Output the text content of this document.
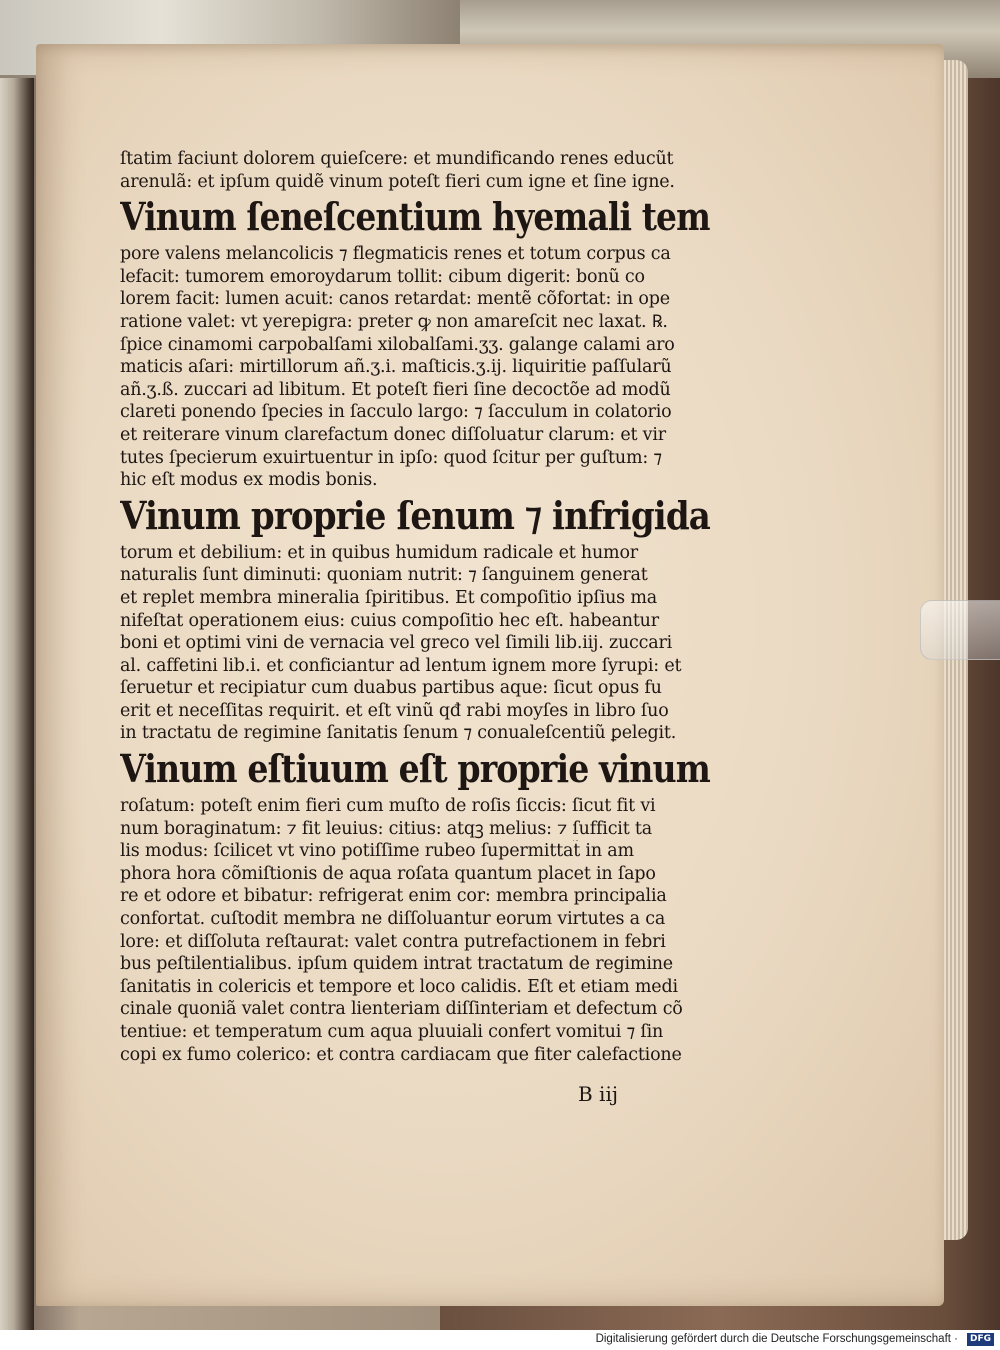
ſtatim faciunt dolorem quieſcere: et mundificando renes educũt
arenulã: et ipſum quidẽ vinum poteſt fieri cum igne et ſine igne.
Vinum ſeneſcentium hyemali tem
pore valens melancolicis ⁊ flegmaticis renes et totum corpus ca
lefacit: tumorem emoroydarum tollit: cibum digerit: bonũ co
lorem facit: lumen acuit: canos retardat: mentẽ cõfortat: in ope
ratione valet: vt yerepigra: preter ꝙ non amareſcit nec laxat. ℞.
ſpice cinamomi carpobalſami xilobalſami.ʒʒ. galange calami aro
maticis aſari: mirtillorum añ.ʒ.i. maſticis.ʒ.ij. liquiritie paſſularũ
añ.ʒ.ß. zuccari ad libitum. Et poteſt fieri ſine decoctõe ad modũ
clareti ponendo ſpecies in ſacculo largo: ⁊ ſacculum in colatorio
et reiterare vinum clarefactum donec diſſoluatur clarum: et vir
tutes ſpecierum exuirtuentur in ipſo: quod ſcitur per guſtum: ⁊
hic eſt modus ex modis bonis.
Vinum proprie ſenum ⁊ infrigida
torum et debilium: et in quibus humidum radicale et humor
naturalis ſunt diminuti: quoniam nutrit: ⁊ ſanguinem generat
et replet membra mineralia ſpiritibus. Et compoſitio ipſius ma
nifeſtat operationem eius: cuius compoſitio hec eſt. habeantur
boni et optimi vini de vernacia vel greco vel ſimili lib.iij. zuccari
al. caffetini lib.i. et conficiantur ad lentum ignem more ſyrupi: et
ſeruetur et recipiatur cum duabus partibus aque: ſicut opus fu
erit et neceſſitas requirit. et eſt vinũ qđ rabi moyſes in libro ſuo
in tractatu de regimine ſanitatis ſenum ⁊ conualeſcentiũ ꝑelegit.
Vinum eſtiuum eſt proprie vinum
roſatum: poteſt enim fieri cum muſto de roſis ſiccis: ſicut fit vi
num boraginatum: ⁊ fit leuius: citius: atqꝫ melius: ⁊ ſufficit ta
lis modus: ſcilicet vt vino potiſſime rubeo ſupermittat̃ in am
phora hora cõmiſtionis de aqua roſata quantum placet in ſapo
re et odore et bibatur: refrigerat enim cor: membra principalia
confortat. cuſtodit membra ne diſſoluantur eorum virtutes a ca
lore: et diſſoluta reſtaurat: valet contra putrefactionem in febri
bus peſtilentialibus. ipſum quidem intrat tractatum de regimine
ſanitatis in colericis et tempore et loco calidis. Eſt et etiam medi
cinale quoniã valet contra lienteriam diſſinteriam et defectum cõ
tentiue: et temperatum cum aqua pluuiali confert vomitui ⁊ ſin
copi ex fumo colerico: et contra cardiacam que fiter calefactione
B iij
Digitalisierung gefördert durch die Deutsche Forschungsgemeinschaft ·	DFG
